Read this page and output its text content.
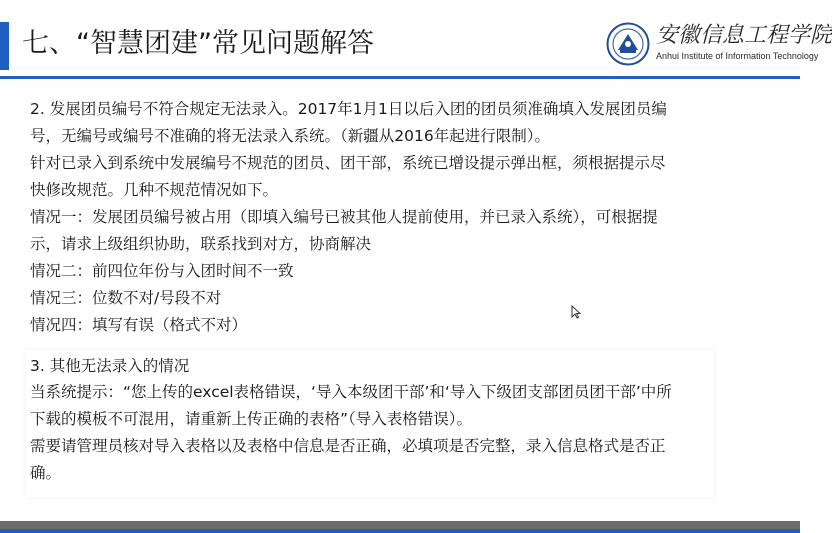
七、“智慧团建”常见问题解答	安徽信息工程学院
Anhui Institute of Information Technology

2. 发展团员编号不符合规定无法录入。2017年1月1日以后入团的团员须准确填入发展团员编

号，无编号或编号不准确的将无法录入系统。（新疆从2016年起进行限制）。

针对已录入到系统中发展编号不规范的团员、团干部，系统已增设提示弹出框，须根据提示尽

快修改规范。几种不规范情况如下。

情况一：发展团员编号被占用（即填入编号已被其他人提前使用，并已录入系统），可根据提

示，请求上级组织协助，联系找到对方，协商解决

情况二：前四位年份与入团时间不一致

情况三：位数不对/号段不对

情况四：填写有误（格式不对）

3. 其他无法录入的情况

当系统提示：“您上传的excel表格错误，‘导入本级团干部’和‘导入下级团支部团员团干部’中所

下载的模板不可混用，请重新上传正确的表格”（导入表格错误）。

需要请管理员核对导入表格以及表格中信息是否正确，必填项是否完整，录入信息格式是否正

确。
